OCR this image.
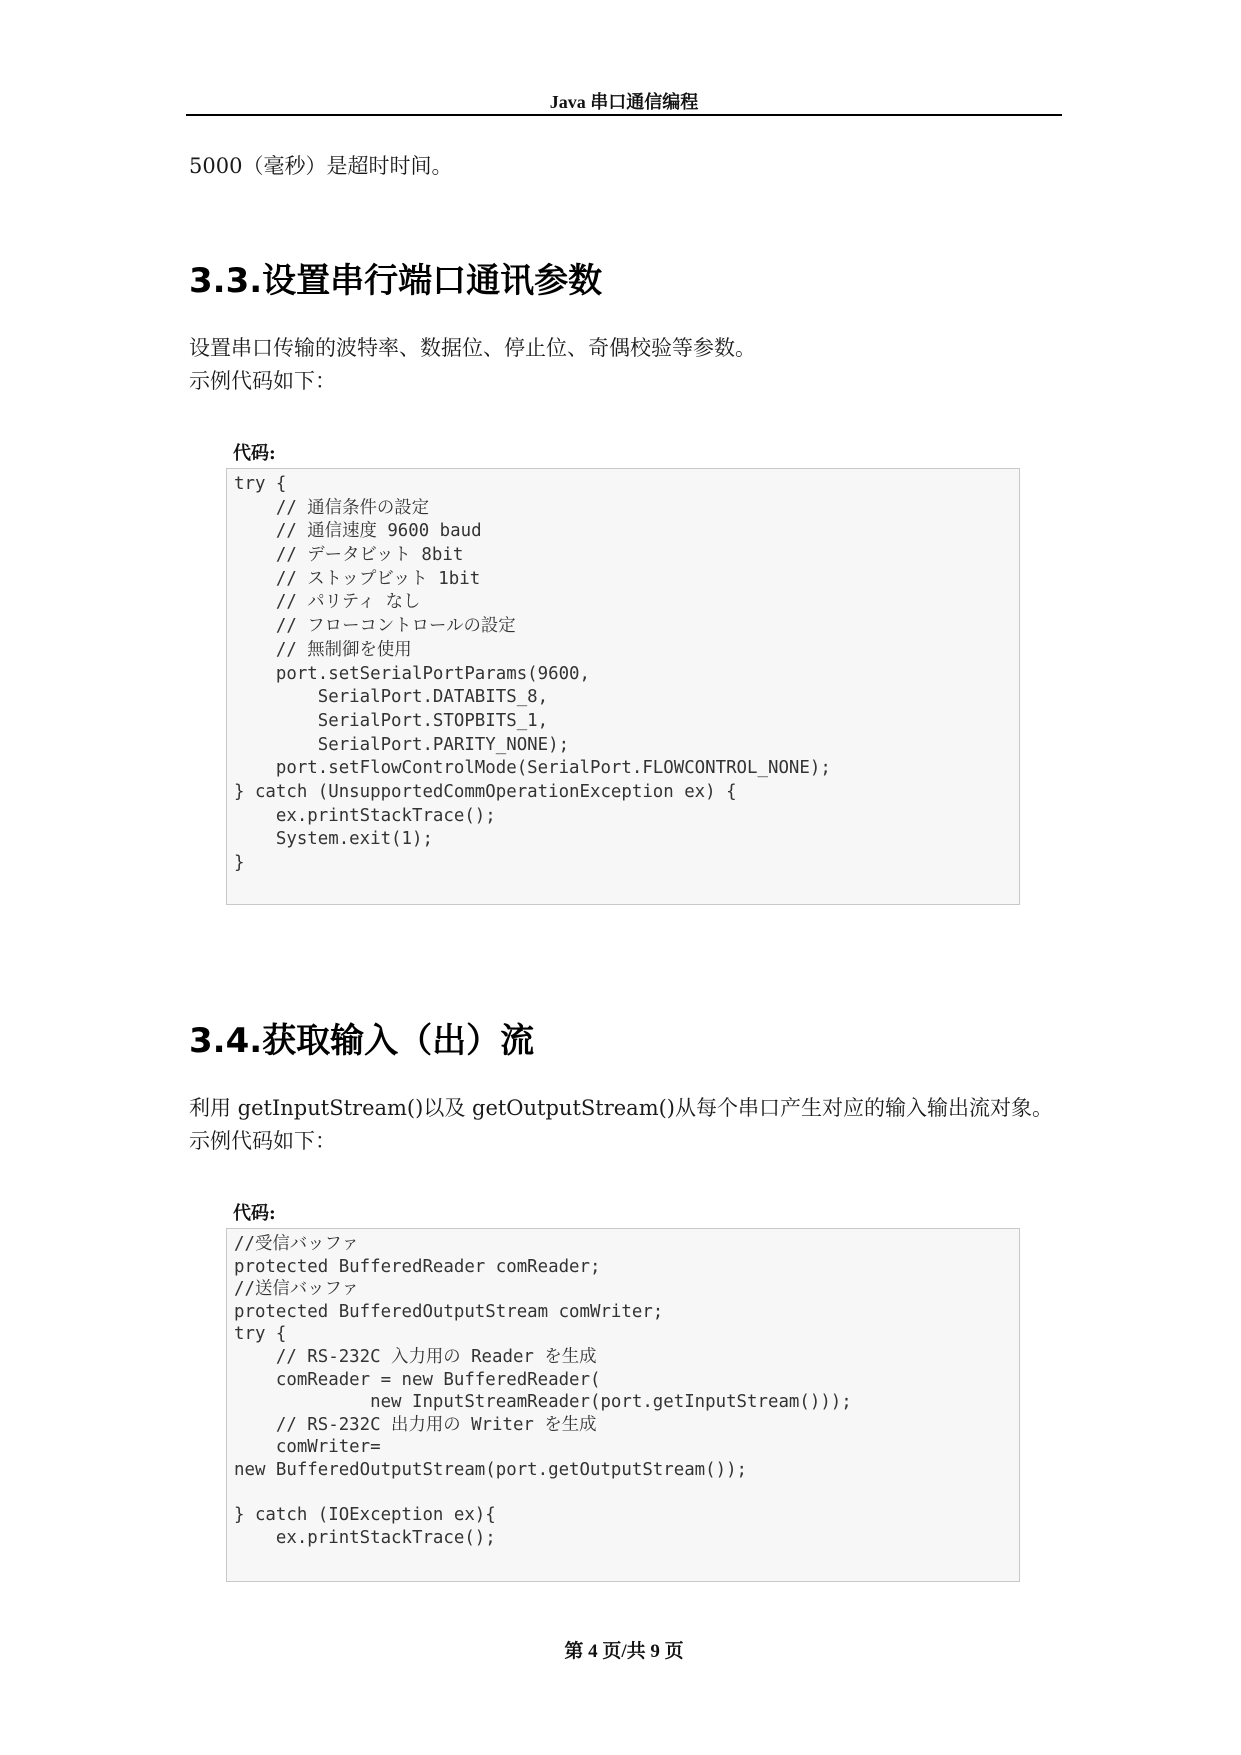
Java 串口通信编程
5000（毫秒）是超时时间。
3.3.设置串行端口通讯参数
设置串口传输的波特率、数据位、停止位、奇偶校验等参数。
示例代码如下：
代码:
try {
// 通信条件の設定
// 通信速度 9600 baud
// データビット 8bit
// ストップビット 1bit
// パリティ なし
// フローコントロールの設定
// 無制御を使用
port.setSerialPortParams(9600,
SerialPort.DATABITS_8,
SerialPort.STOPBITS_1,
SerialPort.PARITY_NONE);
port.setFlowControlMode(SerialPort.FLOWCONTROL_NONE);
} catch (UnsupportedCommOperationException ex) {
ex.printStackTrace();
System.exit(1);
}
3.4.获取输入（出）流
利用 getInputStream()以及 getOutputStream()从每个串口产生对应的输入输出流对象。
示例代码如下：
代码:
//受信バッファ
protected BufferedReader comReader;
//送信バッファ
protected BufferedOutputStream comWriter;
try {
// RS-232C 入力用の Reader を生成
comReader = new BufferedReader(
new InputStreamReader(port.getInputStream()));
// RS-232C 出力用の Writer を生成
comWriter=
new BufferedOutputStream(port.getOutputStream());
} catch (IOException ex){
ex.printStackTrace();
第 4 页/共 9 页
